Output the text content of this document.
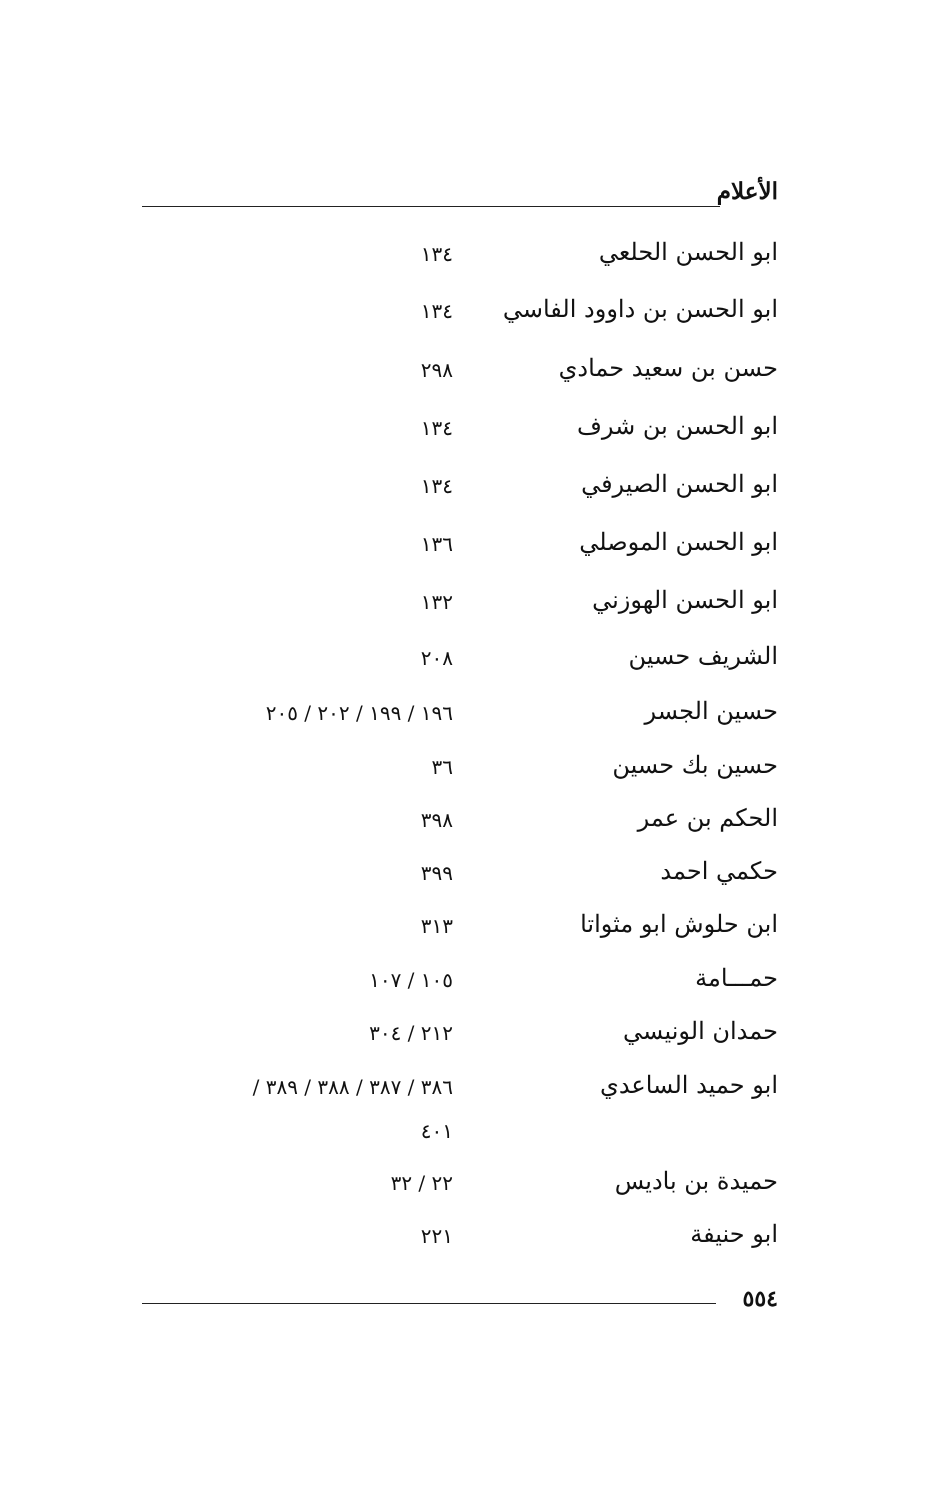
الأعلام
ابو الحسن الحلعي
١٣٤
ابو الحسن بن داوود الفاسي
١٣٤
حسن بن سعيد حمادي
٢٩٨
ابو الحسن بن شرف
١٣٤
ابو الحسن الصيرفي
١٣٤
ابو الحسن الموصلي
١٣٦
ابو الحسن الهوزني
١٣٢
الشريف حسين
٢٠٨
حسين الجسر
١٩٦ / ١٩٩ / ٢٠٢ / ٢٠٥
حسين بك حسين
٣٦
الحكم بن عمر
٣٩٨
حكمي احمد
٣٩٩
ابن حلوش ابو مثواتا
٣١٣
حمـــامة
١٠٥ / ١٠٧
حمدان الونيسي
٢١٢ / ٣٠٤
ابو حميد الساعدي
٣٨٦ / ٣٨٧ / ٣٨٨ / ٣٨٩ /
٤٠١
حميدة بن باديس
٢٢ / ٣٢
ابو حنيفة
٢٢١
٥٥٤
